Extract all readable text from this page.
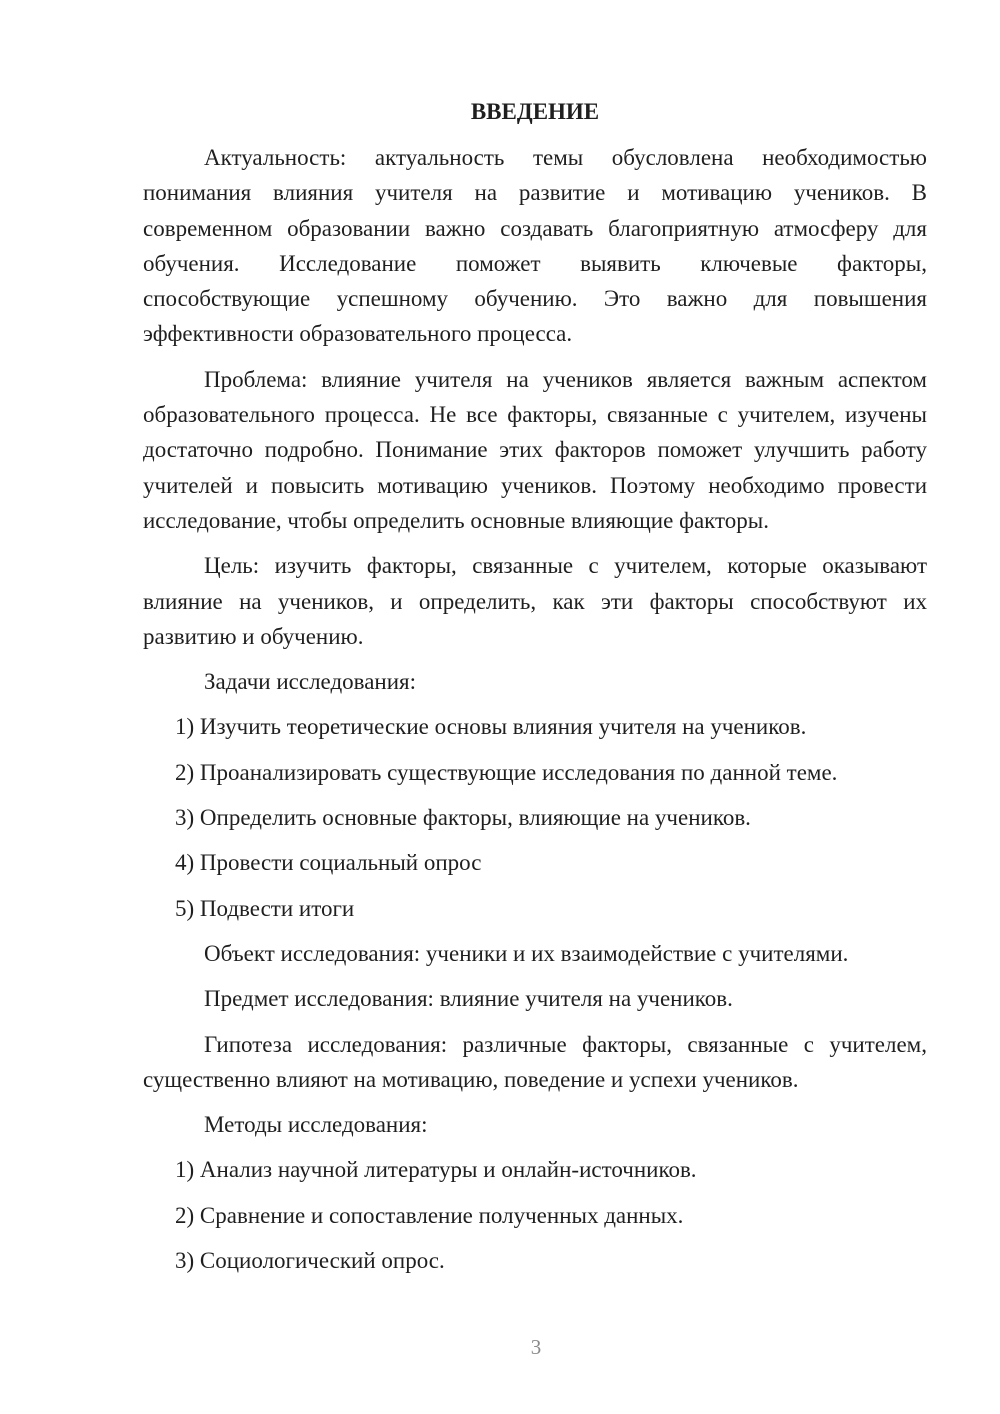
ВВЕДЕНИЕ

Актуальность: актуальность темы обусловлена необходимостью понимания влияния учителя на развитие и мотивацию учеников. В современном образовании важно создавать благоприятную атмосферу для обучения. Исследование поможет выявить ключевые факторы, способствующие успешному обучению. Это важно для повышения эффективности образовательного процесса.

Проблема: влияние учителя на учеников является важным аспектом образовательного процесса. Не все факторы, связанные с учителем, изучены достаточно подробно. Понимание этих факторов поможет улучшить работу учителей и повысить мотивацию учеников. Поэтому необходимо провести исследование, чтобы определить основные влияющие факторы.

Цель: изучить факторы, связанные с учителем, которые оказывают влияние на учеников, и определить, как эти факторы способствуют их развитию и обучению.

Задачи исследования:

1) Изучить теоретические основы влияния учителя на учеников.

2) Проанализировать существующие исследования по данной теме.

3) Определить основные факторы, влияющие на учеников.

4) Провести социальный опрос

5) Подвести итоги

Объект исследования: ученики и их взаимодействие с учителями.

Предмет исследования: влияние учителя на учеников.

Гипотеза исследования: различные факторы, связанные с учителем, существенно влияют на мотивацию, поведение и успехи учеников.

Методы исследования:

1) Анализ научной литературы и онлайн-источников.

2) Сравнение и сопоставление полученных данных.

3) Социологический опрос.

3
